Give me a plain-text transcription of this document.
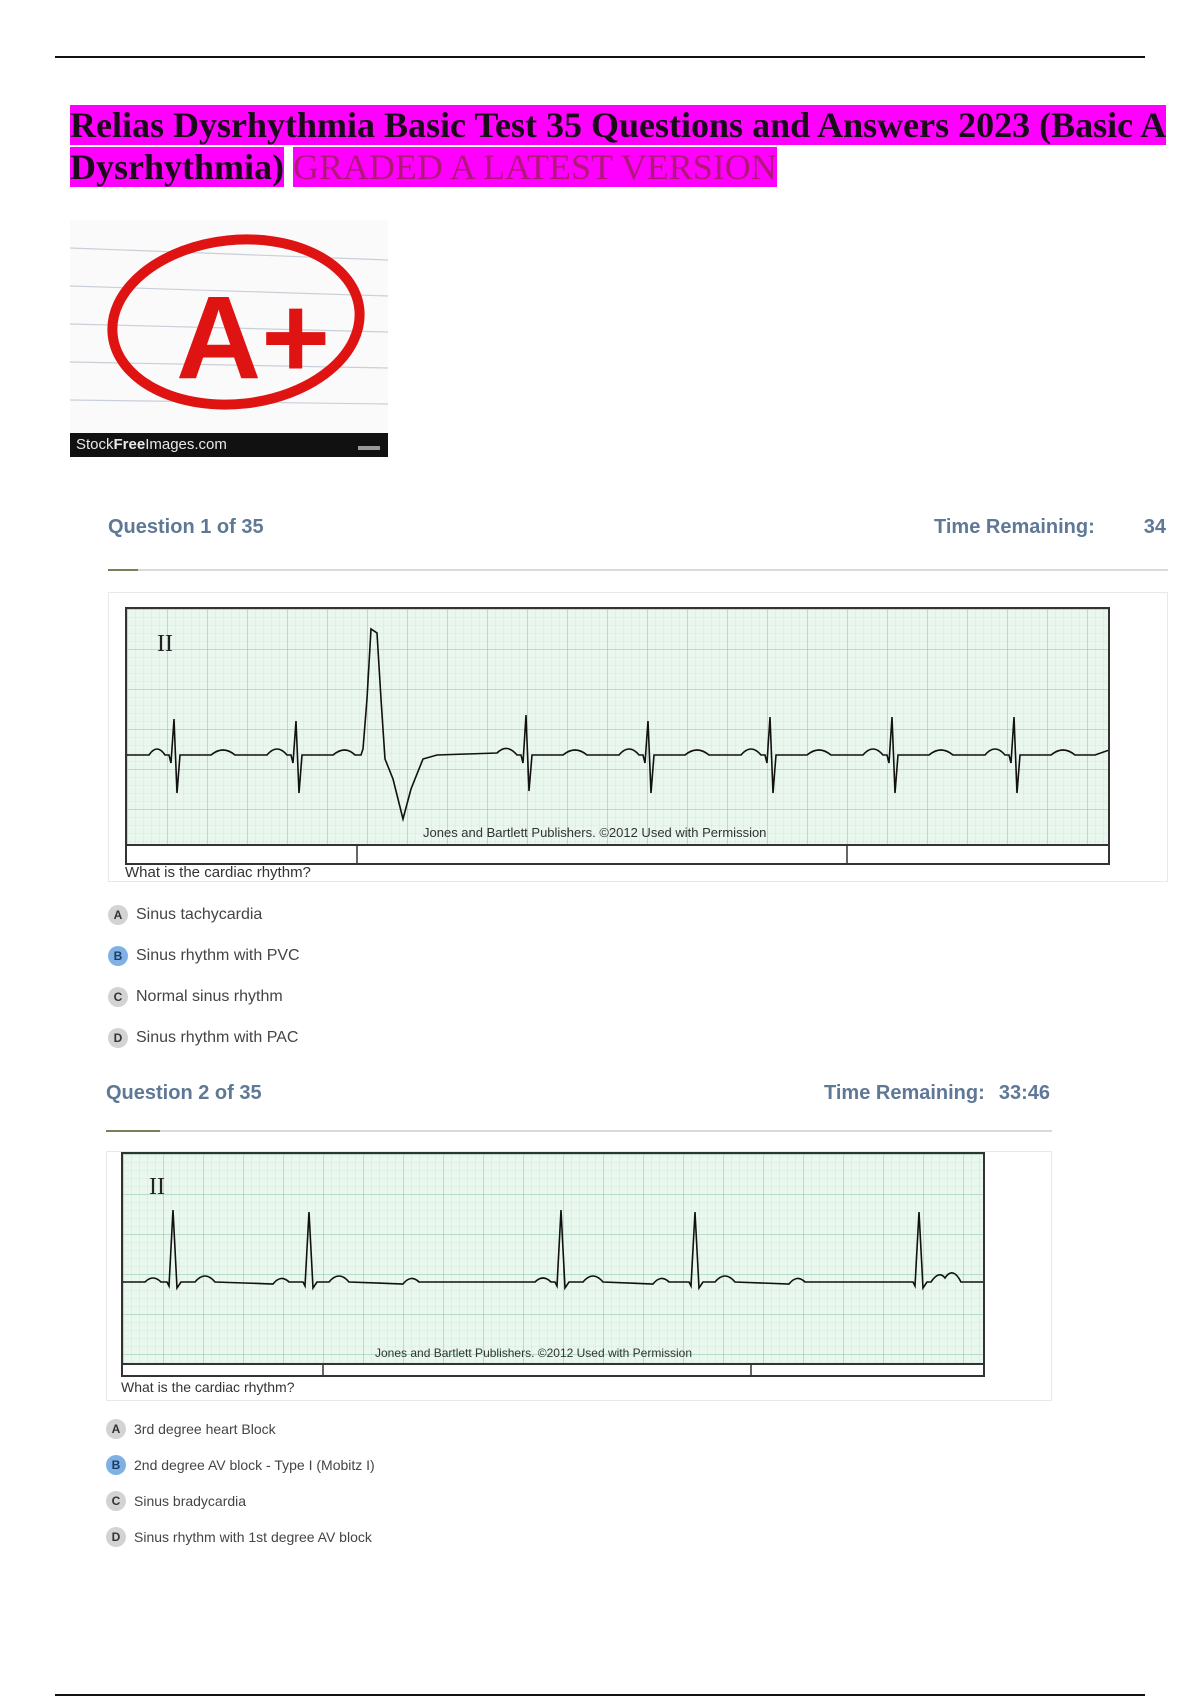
Relias Dysrhythmia Basic Test 35 Questions and Answers 2023 (Basic A Dysrhythmia) GRADED A LATEST VERSION
A+
StockFreeImages.com
Question 1 of 35	Time Remaining: 34
II
Jones and Bartlett Publishers. ©2012 Used with Permission
What is the cardiac rhythm?
A Sinus tachycardia
B Sinus rhythm with PVC
C Normal sinus rhythm
D Sinus rhythm with PAC
Question 2 of 35	Time Remaining: 33:46
II
Jones and Bartlett Publishers. ©2012 Used with Permission
What is the cardiac rhythm?
A 3rd degree heart Block
B 2nd degree AV block - Type I (Mobitz I)
C Sinus bradycardia
D Sinus rhythm with 1st degree AV block
